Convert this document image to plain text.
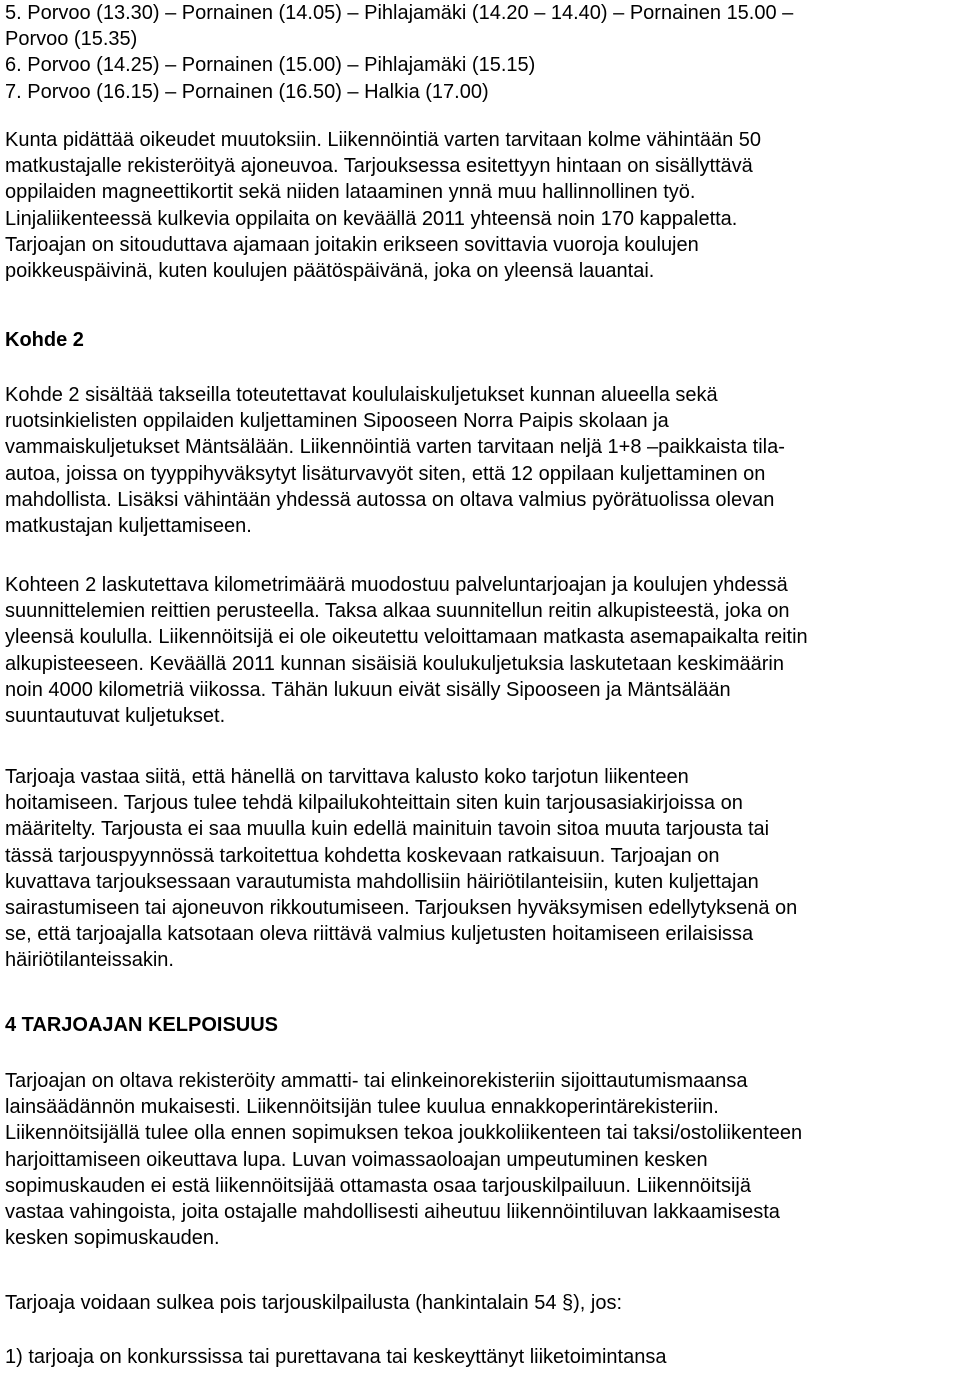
5. Porvoo (13.30) – Pornainen (14.05) – Pihlajamäki (14.20 – 14.40) – Pornainen 15.00 –
Porvoo (15.35)
6. Porvoo (14.25) – Pornainen (15.00) – Pihlajamäki (15.15)
7. Porvoo (16.15) – Pornainen (16.50) – Halkia (17.00)

Kunta pidättää oikeudet muutoksiin. Liikennöintiä varten tarvitaan kolme vähintään 50
matkustajalle rekisteröityä ajoneuvoa. Tarjouksessa esitettyyn hintaan on sisällyttävä
oppilaiden magneettikortit sekä niiden lataaminen ynnä muu hallinnollinen työ.
Linjaliikenteessä kulkevia oppilaita on keväällä 2011 yhteensä noin 170 kappaletta.
Tarjoajan on sitouduttava ajamaan joitakin erikseen sovittavia vuoroja koulujen
poikkeuspäivinä, kuten koulujen päätöspäivänä, joka on yleensä lauantai.

Kohde 2

Kohde 2 sisältää takseilla toteutettavat koululaiskuljetukset kunnan alueella sekä
ruotsinkielisten oppilaiden kuljettaminen Sipooseen Norra Paipis skolaan ja
vammaiskuljetukset Mäntsälään. Liikennöintiä varten tarvitaan neljä 1+8 –paikkaista tila-
autoa, joissa on tyyppihyväksytyt lisäturvavyöt siten, että 12 oppilaan kuljettaminen on
mahdollista. Lisäksi vähintään yhdessä autossa on oltava valmius pyörätuolissa olevan
matkustajan kuljettamiseen.

Kohteen 2 laskutettava kilometrimäärä muodostuu palveluntarjoajan ja koulujen yhdessä
suunnittelemien reittien perusteella. Taksa alkaa suunnitellun reitin alkupisteestä, joka on
yleensä koululla. Liikennöitsijä ei ole oikeutettu veloittamaan matkasta asemapaikalta reitin
alkupisteeseen. Keväällä 2011 kunnan sisäisiä koulukuljetuksia laskutetaan keskimäärin
noin 4000 kilometriä viikossa. Tähän lukuun eivät sisälly Sipooseen ja Mäntsälään
suuntautuvat kuljetukset.

Tarjoaja vastaa siitä, että hänellä on tarvittava kalusto koko tarjotun liikenteen
hoitamiseen. Tarjous tulee tehdä kilpailukohteittain siten kuin tarjousasiakirjoissa on
määritelty. Tarjousta ei saa muulla kuin edellä mainituin tavoin sitoa muuta tarjousta tai
tässä tarjouspyynnössä tarkoitettua kohdetta koskevaan ratkaisuun. Tarjoajan on
kuvattava tarjouksessaan varautumista mahdollisiin häiriötilanteisiin, kuten kuljettajan
sairastumiseen tai ajoneuvon rikkoutumiseen. Tarjouksen hyväksymisen edellytyksenä on
se, että tarjoajalla katsotaan oleva riittävä valmius kuljetusten hoitamiseen erilaisissa
häiriötilanteissakin.

4 TARJOAJAN KELPOISUUS

Tarjoajan on oltava rekisteröity ammatti- tai elinkeinorekisteriin sijoittautumismaansa
lainsäädännön mukaisesti. Liikennöitsijän tulee kuulua ennakkoperintärekisteriin.
Liikennöitsijällä tulee olla ennen sopimuksen tekoa joukkoliikenteen tai taksi/ostoliikenteen
harjoittamiseen oikeuttava lupa. Luvan voimassaoloajan umpeutuminen kesken
sopimuskauden ei estä liikennöitsijää ottamasta osaa tarjouskilpailuun. Liikennöitsijä
vastaa vahingoista, joita ostajalle mahdollisesti aiheutuu liikennöintiluvan lakkaamisesta
kesken sopimuskauden.

Tarjoaja voidaan sulkea pois tarjouskilpailusta (hankintalain 54 §), jos:

1) tarjoaja on konkurssissa tai purettavana tai keskeyttänyt liiketoimintansa
